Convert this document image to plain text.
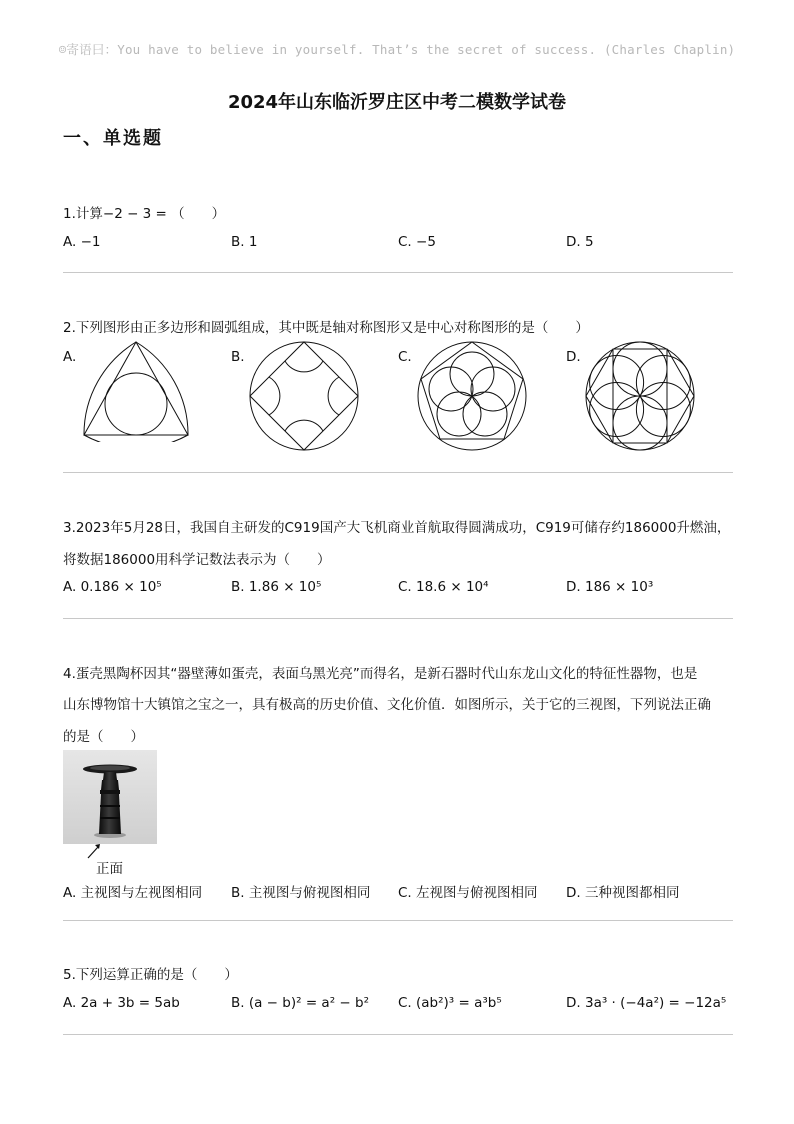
☺寄语曰：You have to believe in yourself. That’s the secret of success. (Charles Chaplin)
2024年山东临沂罗庄区中考二模数学试卷
一、单选题
1.计算−2 − 3 = （　　）
A. −1	B. 1	C. −5	D. 5
2.下列图形由正多边形和圆弧组成，其中既是轴对称图形又是中心对称图形的是（　　）
A.	B.	C.	D.
3.2023年5月28日，我国自主研发的C919国产大飞机商业首航取得圆满成功，C919可储存约186000升燃油，
将数据186000用科学记数法表示为（　　）
A. 0.186 × 10⁵	B. 1.86 × 10⁵	C. 18.6 × 10⁴	D. 186 × 10³
4.蛋壳黑陶杯因其“器壁薄如蛋壳，表面乌黑光亮”而得名，是新石器时代山东龙山文化的特征性器物，也是
山东博物馆十大镇馆之宝之一，具有极高的历史价值、文化价值．如图所示，关于它的三视图，下列说法正确
的是（　　）
正面
A. 主视图与左视图相同 B. 主视图与俯视图相同 C. 左视图与俯视图相同 D. 三种视图都相同
5.下列运算正确的是（　　）
A. 2a + 3b = 5ab	B. (a − b)² = a² − b² C. (ab²)³ = a³b⁵	D. 3a³ · (−4a²) = −12a⁵
